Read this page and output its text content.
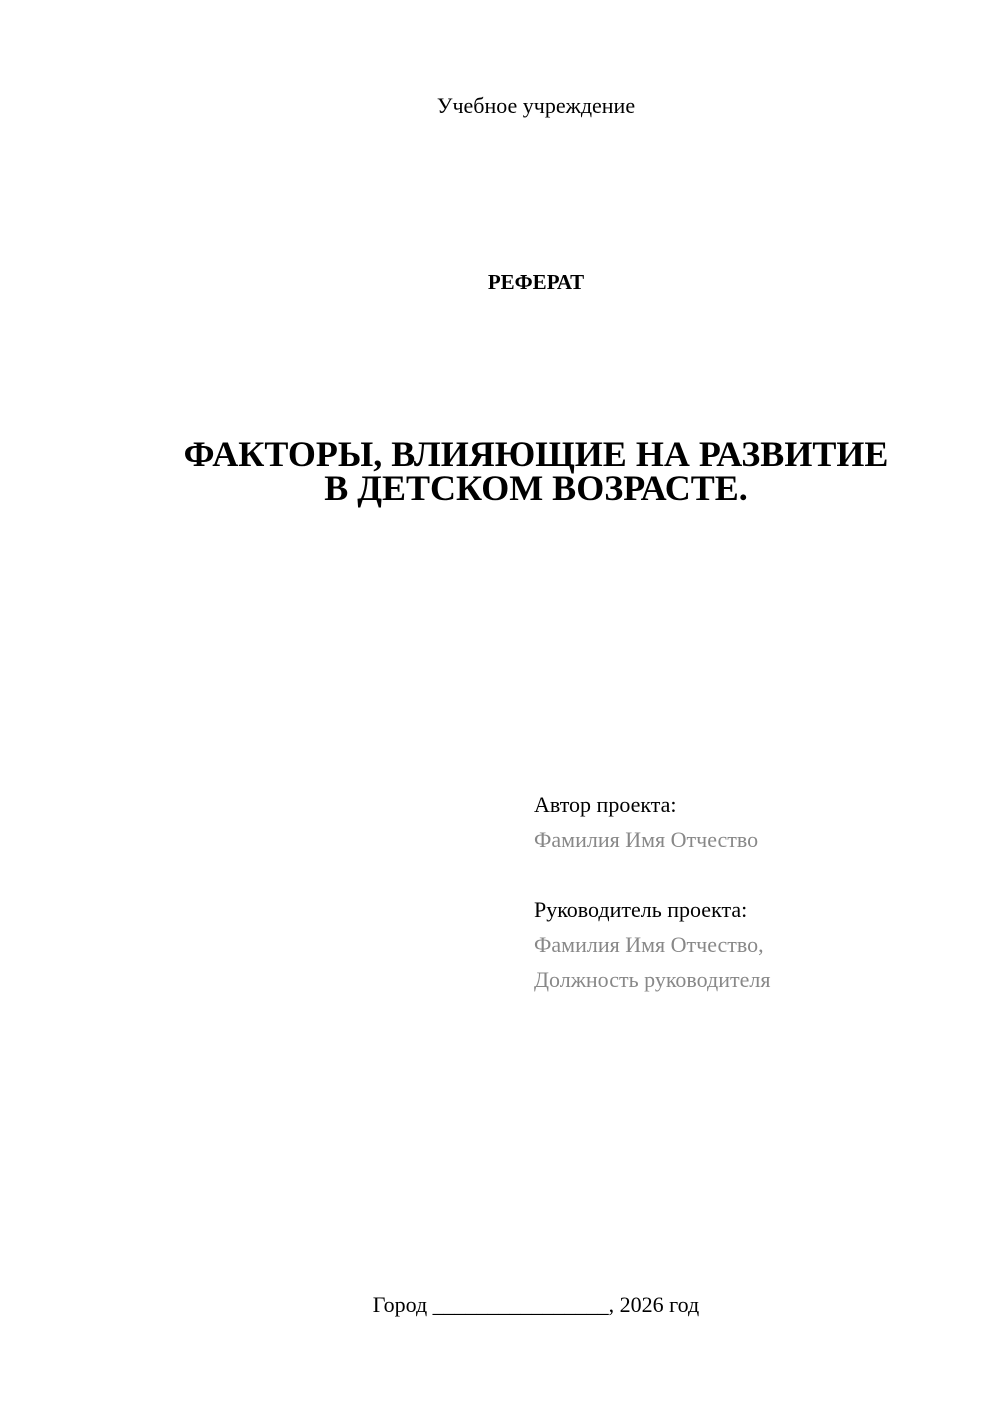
Учебное учреждение
РЕФЕРАТ
ФАКТОРЫ, ВЛИЯЮЩИЕ НА РАЗВИТИЕ
В ДЕТСКОМ ВОЗРАСТЕ.
Автор проекта:
Фамилия Имя Отчество
Руководитель проекта:
Фамилия Имя Отчество,
Должность руководителя
Город ________________, 2026 год
